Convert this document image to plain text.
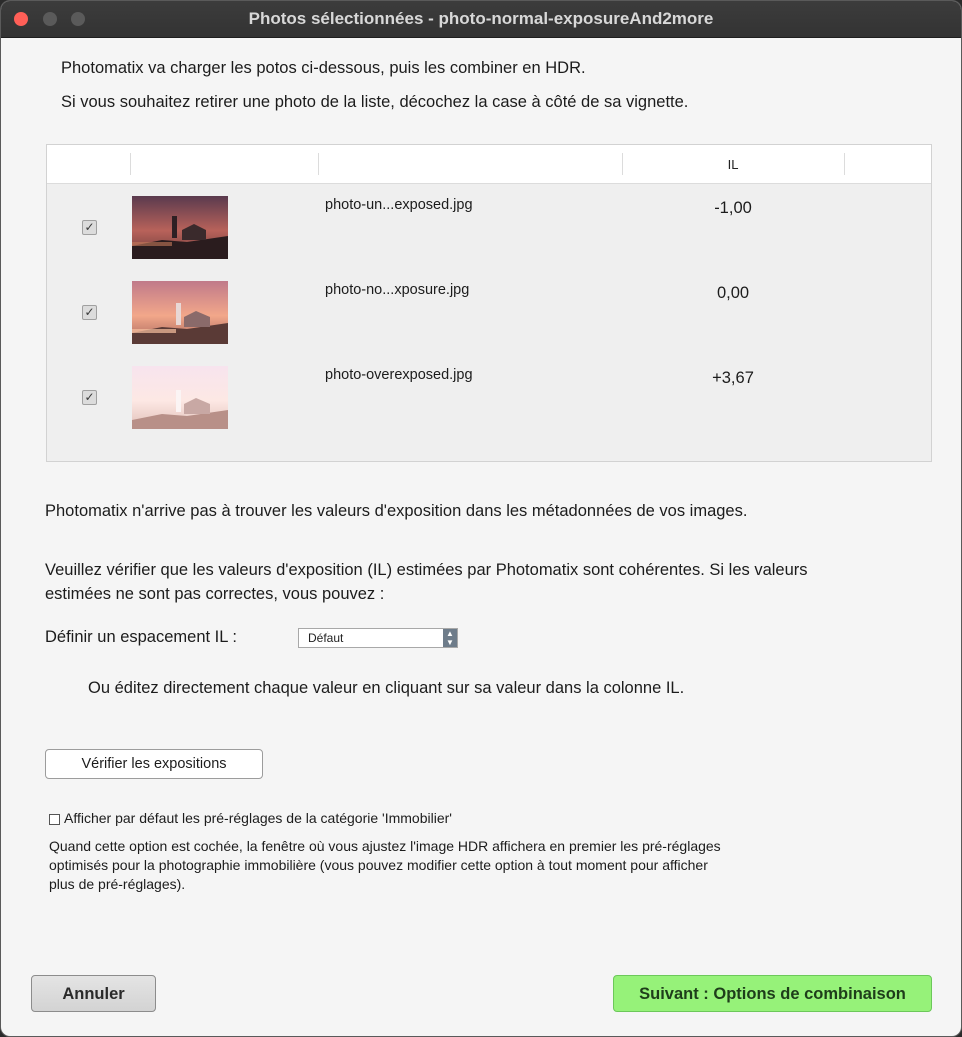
Photos sélectionnées - photo-normal-exposureAnd2more
Photomatix va charger les potos ci-dessous, puis les combiner en HDR.
Si vous souhaitez retirer une photo de la liste, décochez la case à côté de sa vignette.
IL
✓
photo-un...exposed.jpg	-1,00
✓
photo-no...xposure.jpg	0,00
✓
photo-overexposed.jpg	+3,67
Photomatix n'arrive pas à trouver les valeurs d'exposition dans les métadonnées de vos images.
Veuillez vérifier que les valeurs d'exposition (IL) estimées par Photomatix sont cohérentes. Si les valeurs
estimées ne sont pas correctes, vous pouvez :
Définir un espacement IL :	Défaut	▲
▼
Ou éditez directement chaque valeur en cliquant sur sa valeur dans la colonne IL.
Vérifier les expositions
Afficher par défaut les pré-réglages de la catégorie 'Immobilier'
Quand cette option est cochée, la fenêtre où vous ajustez l'image HDR affichera en premier les pré-réglages
optimisés pour la photographie immobilière (vous pouvez modifier cette option à tout moment pour afficher
plus de pré-réglages).
Annuler	Suivant : Options de combinaison
